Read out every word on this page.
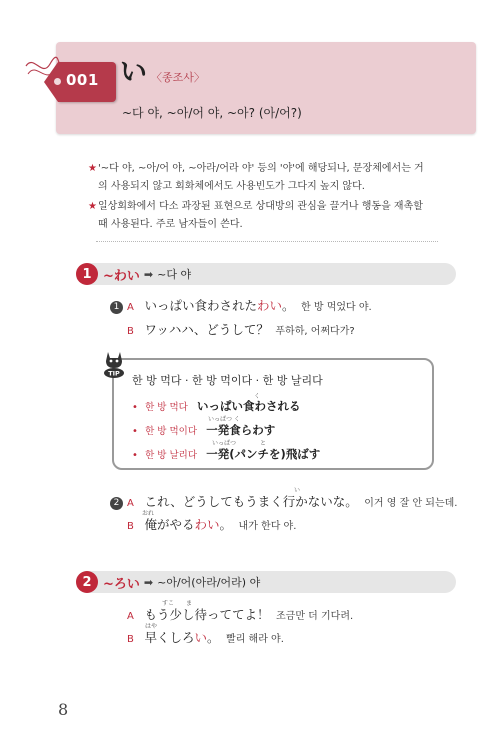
001 い 〈종조사〉
~다 야, ~아/어 야, ~아? (아/어?)
★ '~다 야, ~아/어 야, ~아라/어라 야' 등의 '야'에 해당되나, 문장체에서는 거의 사용되지 않고 회화체에서도 사용빈도가 그다지 높지 않다.
★ 일상회화에서 다소 과장된 표현으로 상대방의 관심을 끌거나 행동을 재촉할 때 사용된다. 주로 남자들이 쓴다.
1 ~わい ➡ ~다 야
1 A いっぱい食わされたわい。 한 방 먹었다 야.
B ワッハハ、どうして？ 푸하하, 어쩌다가?
TIP
한 방 먹다 · 한 방 먹이다 · 한 방 날리다
• 한 방 먹다 いっぱい食わされる
く
• 한 방 먹이다 一発食らわす
いっぱつ く
• 한 방 날리다 一発(パンチを)飛ばす
いっぱつ　　　　と
い
2 A これ、どうしてもうまく行かないな。 이거 영 잘 안 되는데.
おれ
B 俺がやるわい。 내가 한다 야.
2 ~ろい ➡ ~아/어(아라/어라) 야
すこ　　ま
A もう少し待っててよ！ 조금만 더 기다려.
はや
B 早くしろい。 빨리 해라 야.
8
